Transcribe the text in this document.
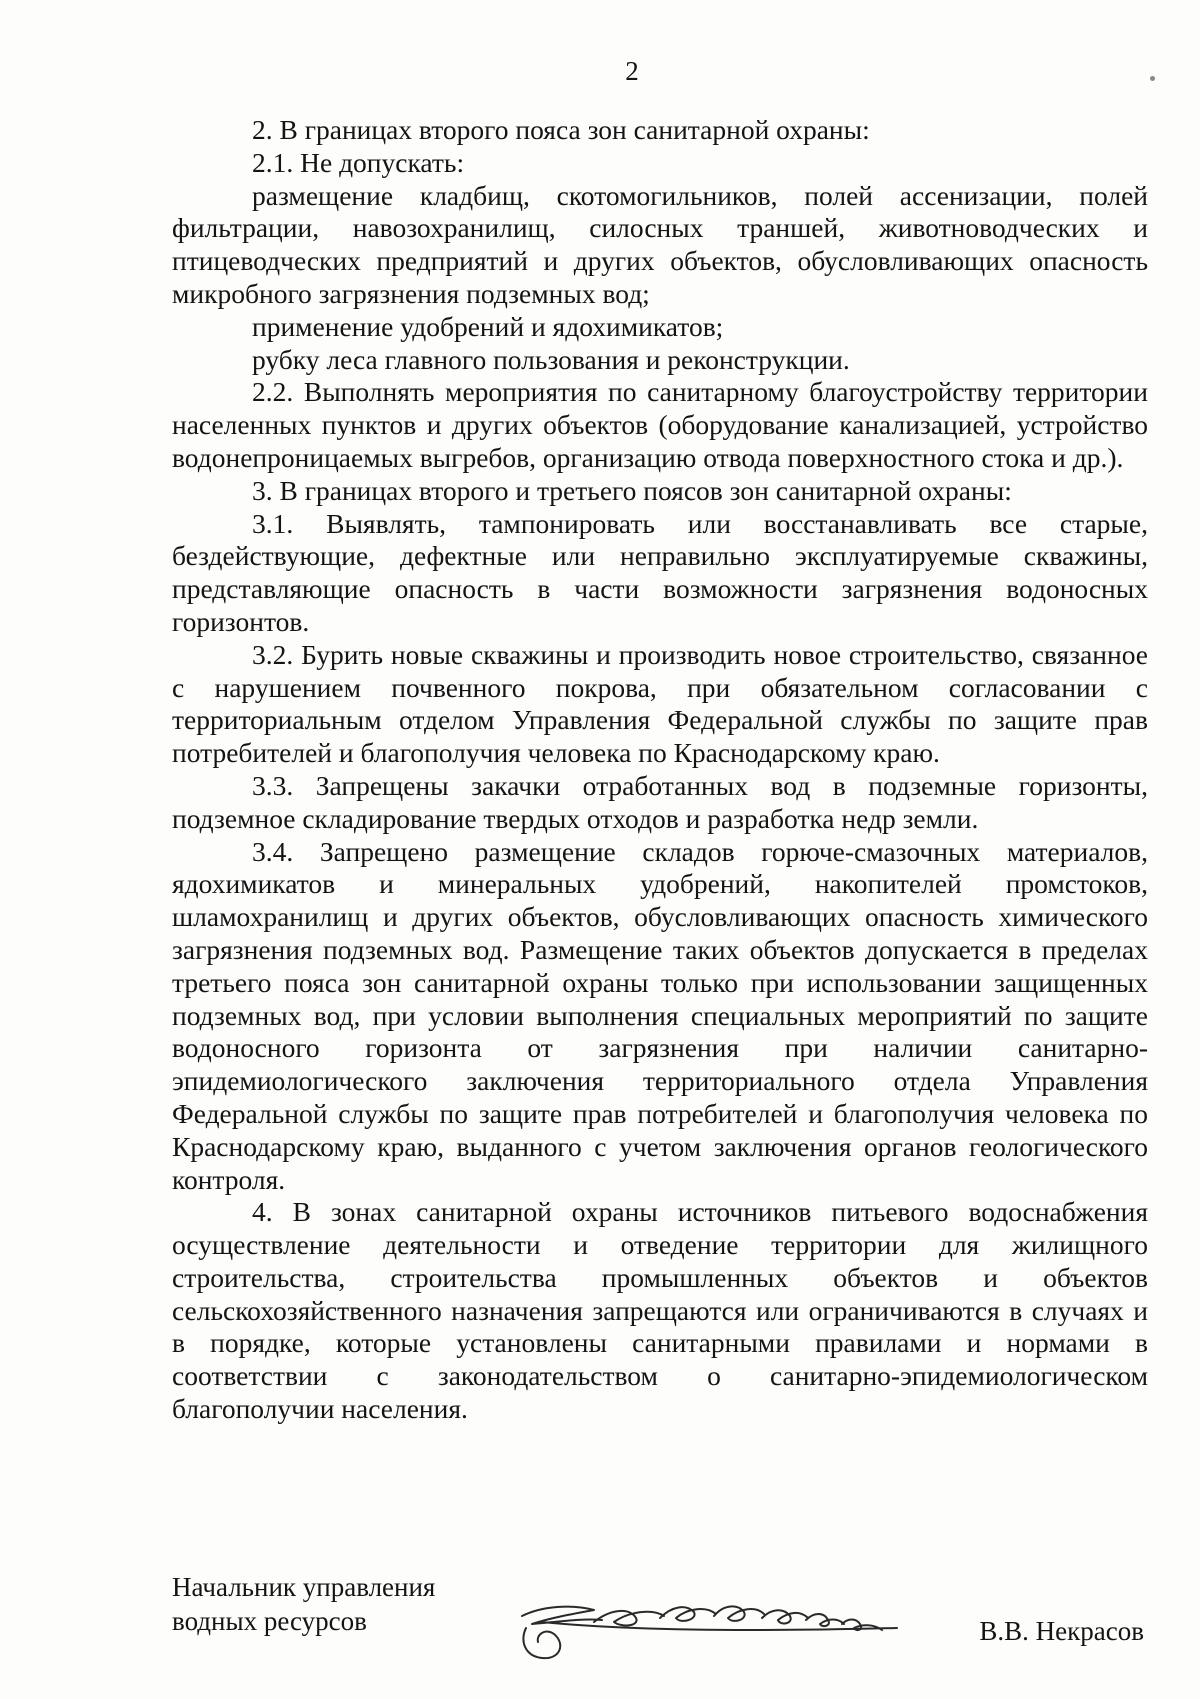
2

2. В границах второго пояса зон санитарной охраны:

2.1. Не допускать:

размещение кладбищ, скотомогильников, полей ассенизации, полей фильтрации, навозохранилищ, силосных траншей, животноводческих и птицеводческих предприятий и других объектов, обусловливающих опасность микробного загрязнения подземных вод;

применение удобрений и ядохимикатов;

рубку леса главного пользования и реконструкции.

2.2. Выполнять мероприятия по санитарному благоустройству территории населенных пунктов и других объектов (оборудование канализацией, устройство водонепроницаемых выгребов, организацию отвода поверхностного стока и др.).

3. В границах второго и третьего поясов зон санитарной охраны:

3.1. Выявлять, тампонировать или восстанавливать все старые, бездействующие, дефектные или неправильно эксплуатируемые скважины, представляющие опасность в части возможности загрязнения водоносных горизонтов.

3.2. Бурить новые скважины и производить новое строительство, связанное с нарушением почвенного покрова, при обязательном согласовании с территориальным отделом Управления Федеральной службы по защите прав потребителей и благополучия человека по Краснодарскому краю.

3.3. Запрещены закачки отработанных вод в подземные горизонты, подземное складирование твердых отходов и разработка недр земли.

3.4. Запрещено размещение складов горюче-смазочных материалов, ядохимикатов и минеральных удобрений, накопителей промстоков, шламохранилищ и других объектов, обусловливающих опасность химического загрязнения подземных вод. Размещение таких объектов допускается в пределах третьего пояса зон санитарной охраны только при использовании защищенных подземных вод, при условии выполнения специальных мероприятий по защите водоносного горизонта от загрязнения при наличии санитарно-эпидемиологического заключения территориального отдела Управления Федеральной службы по защите прав потребителей и благополучия человека по Краснодарскому краю, выданного с учетом заключения органов геологического контроля.

4. В зонах санитарной охраны источников питьевого водоснабжения осуществление деятельности и отведение территории для жилищного строительства, строительства промышленных объектов и объектов сельскохозяйственного назначения запрещаются или ограничиваются в случаях и в порядке, которые установлены санитарными правилами и нормами в соответствии с законодательством о санитарно-эпидемиологическом благополучии населения.

Начальник управления
водных ресурсов	В.В. Некрасов
